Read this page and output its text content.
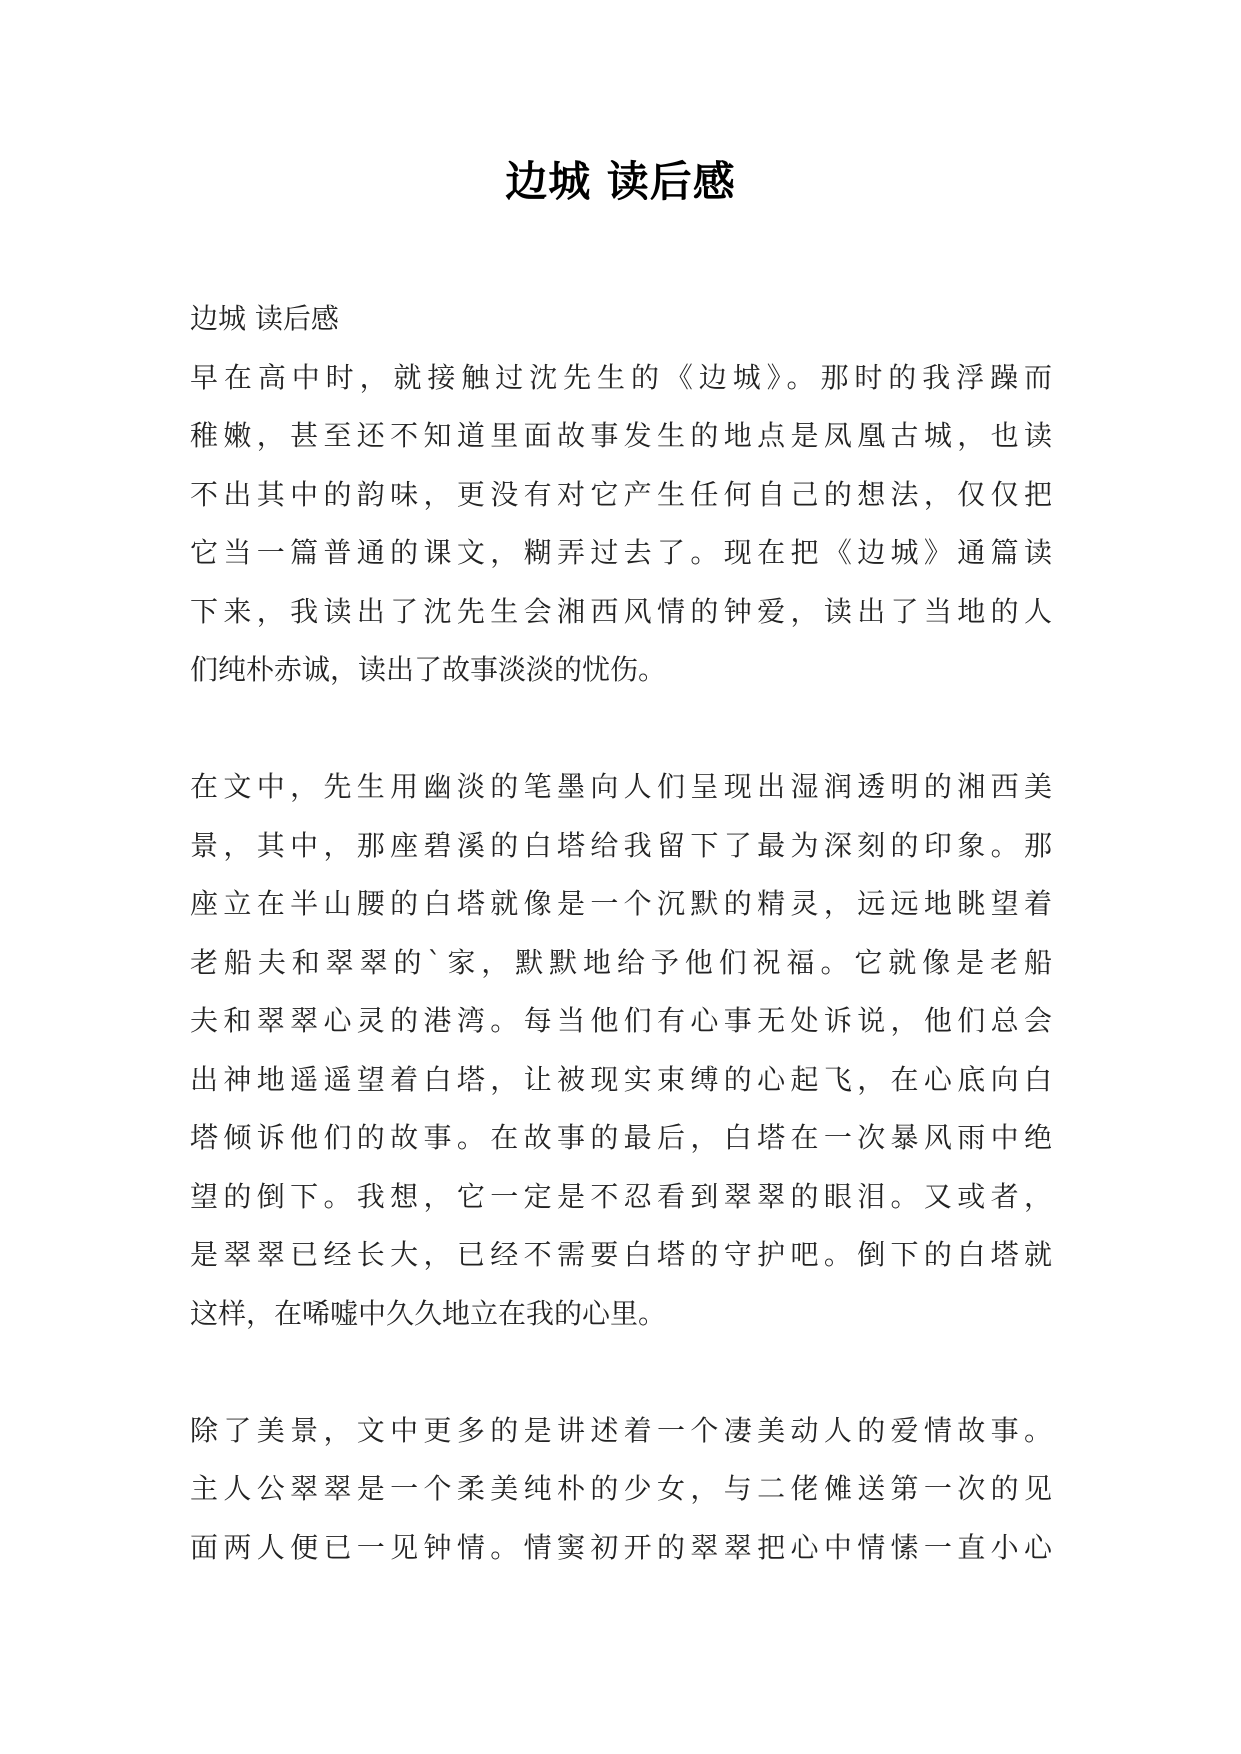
边城 读后感
边城 读后感
早在高中时，就接触过沈先生的《边城》。那时的我浮躁而
稚嫩，甚至还不知道里面故事发生的地点是凤凰古城，也读
不出其中的韵味，更没有对它产生任何自己的想法，仅仅把
它当一篇普通的课文，糊弄过去了。现在把《边城》通篇读
下来，我读出了沈先生会湘西风情的钟爱，读出了当地的人
们纯朴赤诚，读出了故事淡淡的忧伤。
在文中，先生用幽淡的笔墨向人们呈现出湿润透明的湘西美
景，其中，那座碧溪的白塔给我留下了最为深刻的印象。那
座立在半山腰的白塔就像是一个沉默的精灵，远远地眺望着
老船夫和翠翠的`家，默默地给予他们祝福。它就像是老船
夫和翠翠心灵的港湾。每当他们有心事无处诉说，他们总会
出神地遥遥望着白塔，让被现实束缚的心起飞，在心底向白
塔倾诉他们的故事。在故事的最后，白塔在一次暴风雨中绝
望的倒下。我想，它一定是不忍看到翠翠的眼泪。又或者，
是翠翠已经长大，已经不需要白塔的守护吧。倒下的白塔就
这样，在唏嘘中久久地立在我的心里。
除了美景，文中更多的是讲述着一个凄美动人的爱情故事。
主人公翠翠是一个柔美纯朴的少女，与二佬傩送第一次的见
面两人便已一见钟情。情窦初开的翠翠把心中情愫一直小心
